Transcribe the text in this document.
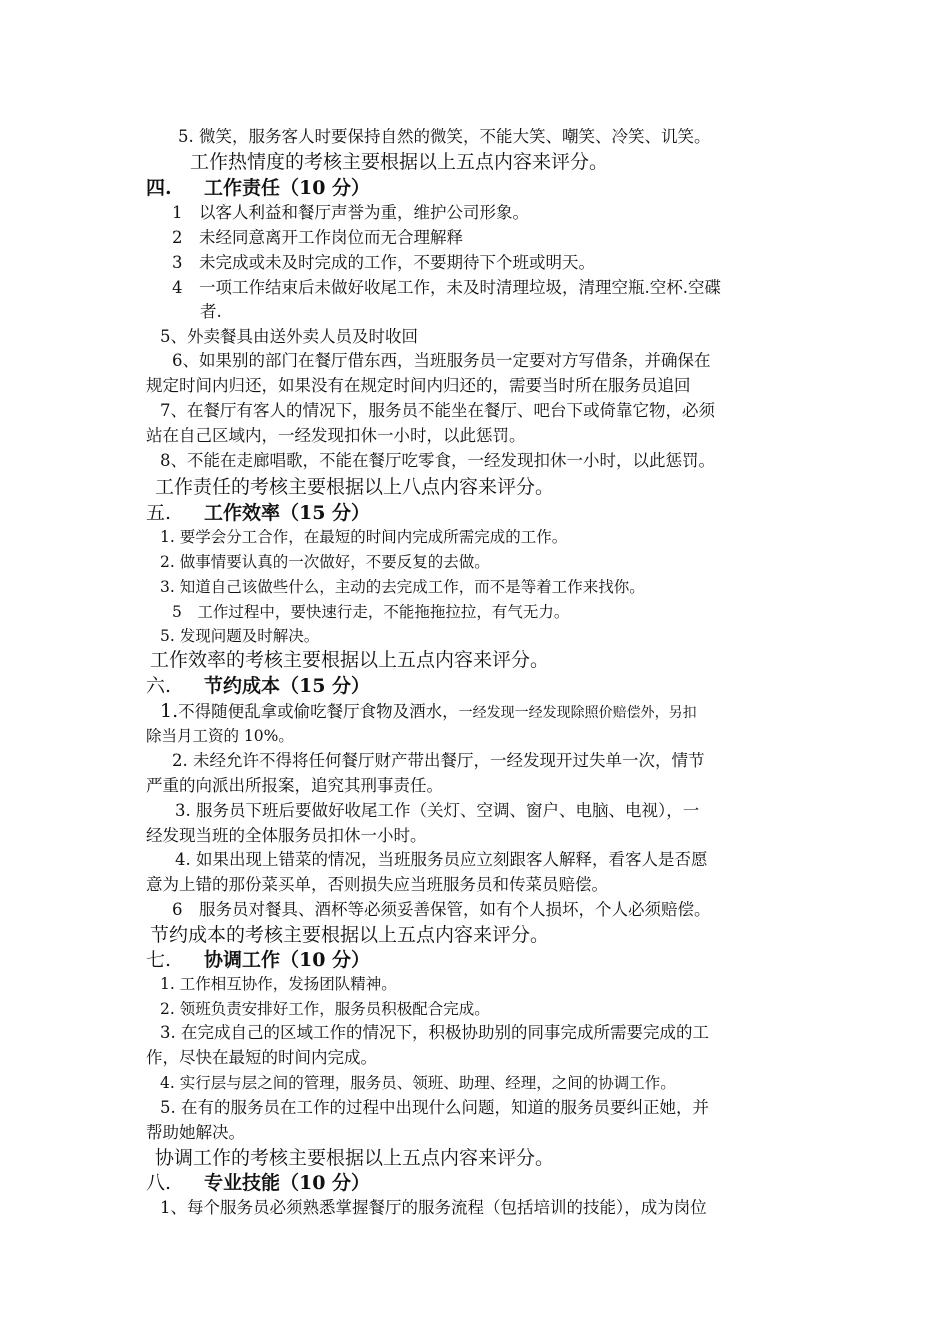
5. 微笑，服务客人时要保持自然的微笑，不能大笑、嘲笑、冷笑、讥笑。
工作热情度的考核主要根据以上五点内容来评分。
四. 工作责任（10 分）
1　以客人利益和餐厅声誉为重，维护公司形象。
2　未经同意离开工作岗位而无合理解释
3　未完成或未及时完成的工作，不要期待下个班或明天。
4　一项工作结束后未做好收尾工作，未及时清理垃圾，清理空瓶.空杯.空碟
者.
5、外卖餐具由送外卖人员及时收回
6、如果别的部门在餐厅借东西，当班服务员一定要对方写借条，并确保在
规定时间内归还，如果没有在规定时间内归还的，需要当时所在服务员追回
7、在餐厅有客人的情况下，服务员不能坐在餐厅、吧台下或倚靠它物，必须
站在自己区域内，一经发现扣休一小时，以此惩罚。
8、不能在走廊唱歌，不能在餐厅吃零食，一经发现扣休一小时，以此惩罚。
工作责任的考核主要根据以上八点内容来评分。
五. 工作效率（15 分）
1. 要学会分工合作，在最短的时间内完成所需完成的工作。
2. 做事情要认真的一次做好，不要反复的去做。
3. 知道自己该做些什么，主动的去完成工作，而不是等着工作来找你。
5　工作过程中，要快速行走，不能拖拖拉拉，有气无力。
5. 发现问题及时解决。
工作效率的考核主要根据以上五点内容来评分。
六. 节约成本（15 分）
1.不得随便乱拿或偷吃餐厅食物及酒水，一经发现一经发现除照价赔偿外，另扣
除当月工资的 10%。
2. 未经允许不得将任何餐厅财产带出餐厅，一经发现开过失单一次，情节
严重的向派出所报案，追究其刑事责任。
3. 服务员下班后要做好收尾工作（关灯、空调、窗户、电脑、电视），一
经发现当班的全体服务员扣休一小时。
4. 如果出现上错菜的情况，当班服务员应立刻跟客人解释，看客人是否愿
意为上错的那份菜买单，否则损失应当班服务员和传菜员赔偿。
6　服务员对餐具、酒杯等必须妥善保管，如有个人损坏，个人必须赔偿。
节约成本的考核主要根据以上五点内容来评分。
七. 协调工作（10 分）
1. 工作相互协作，发扬团队精神。
2. 领班负责安排好工作，服务员积极配合完成。
3. 在完成自己的区域工作的情况下，积极协助别的同事完成所需要完成的工
作，尽快在最短的时间内完成。
4. 实行层与层之间的管理，服务员、领班、助理、经理，之间的协调工作。
5. 在有的服务员在工作的过程中出现什么问题，知道的服务员要纠正她，并
帮助她解决。
协调工作的考核主要根据以上五点内容来评分。
八. 专业技能（10 分）
1、每个服务员必须熟悉掌握餐厅的服务流程（包括培训的技能），成为岗位
